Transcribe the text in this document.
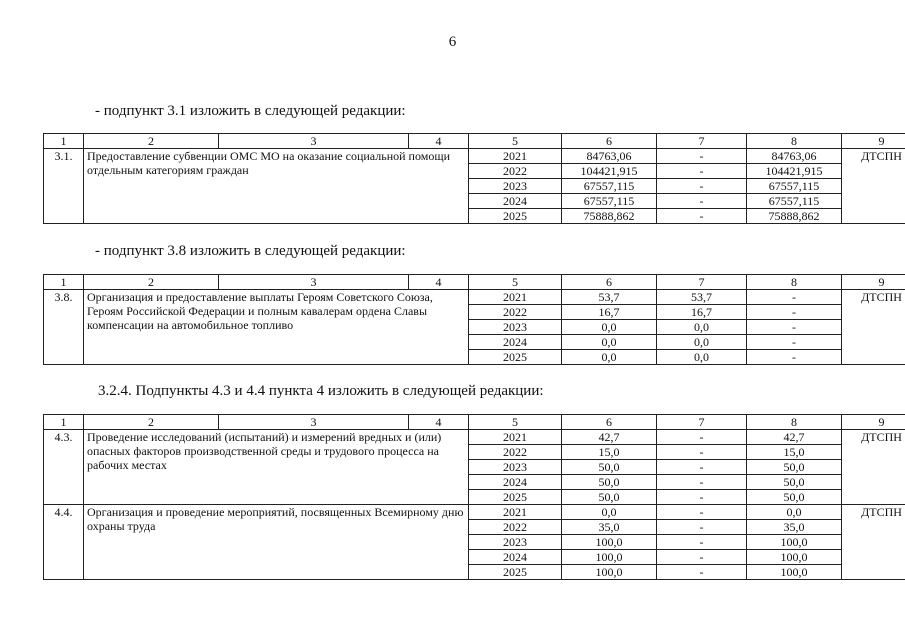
6
- подпункт 3.1 изложить в следующей редакции:
1	2	3	4	5	6	7	8	9
3.1.	Предоставление субвенции ОМС МО на оказание социальной помощи отдельным категориям граждан			2021	84763,06	-	84763,06	ДТСПН
				2022	104421,915	-	104421,915	
				2023	67557,115	-	67557,115	
				2024	67557,115	-	67557,115	
				2025	75888,862	-	75888,862	
- подпункт 3.8 изложить в следующей редакции:
1	2	3	4	5	6	7	8	9
3.8.	Организация и предоставление выплаты Героям Советского Союза, Героям Российской Федерации и полным кавалерам ордена Славы компенсации на автомобильное топливо			2021	53,7	53,7	-	ДТСПН
				2022	16,7	16,7	-	
				2023	0,0	0,0	-	
				2024	0,0	0,0	-	
				2025	0,0	0,0	-	
3.2.4. Подпункты 4.3 и 4.4 пункта 4 изложить в следующей редакции:
1	2	3	4	5	6	7	8	9
4.3.	Проведение исследований (испытаний) и измерений вредных и (или) опасных факторов производственной среды и трудового процесса на рабочих местах			2021	42,7	-	42,7	ДТСПН
				2022	15,0	-	15,0	
				2023	50,0	-	50,0	
				2024	50,0	-	50,0	
				2025	50,0	-	50,0	
4.4.	Организация и проведение мероприятий, посвященных Всемирному дню охраны труда			2021	0,0	-	0,0	ДТСПН
				2022	35,0	-	35,0	
				2023	100,0	-	100,0	
				2024	100,0	-	100,0	
				2025	100,0	-	100,0	
